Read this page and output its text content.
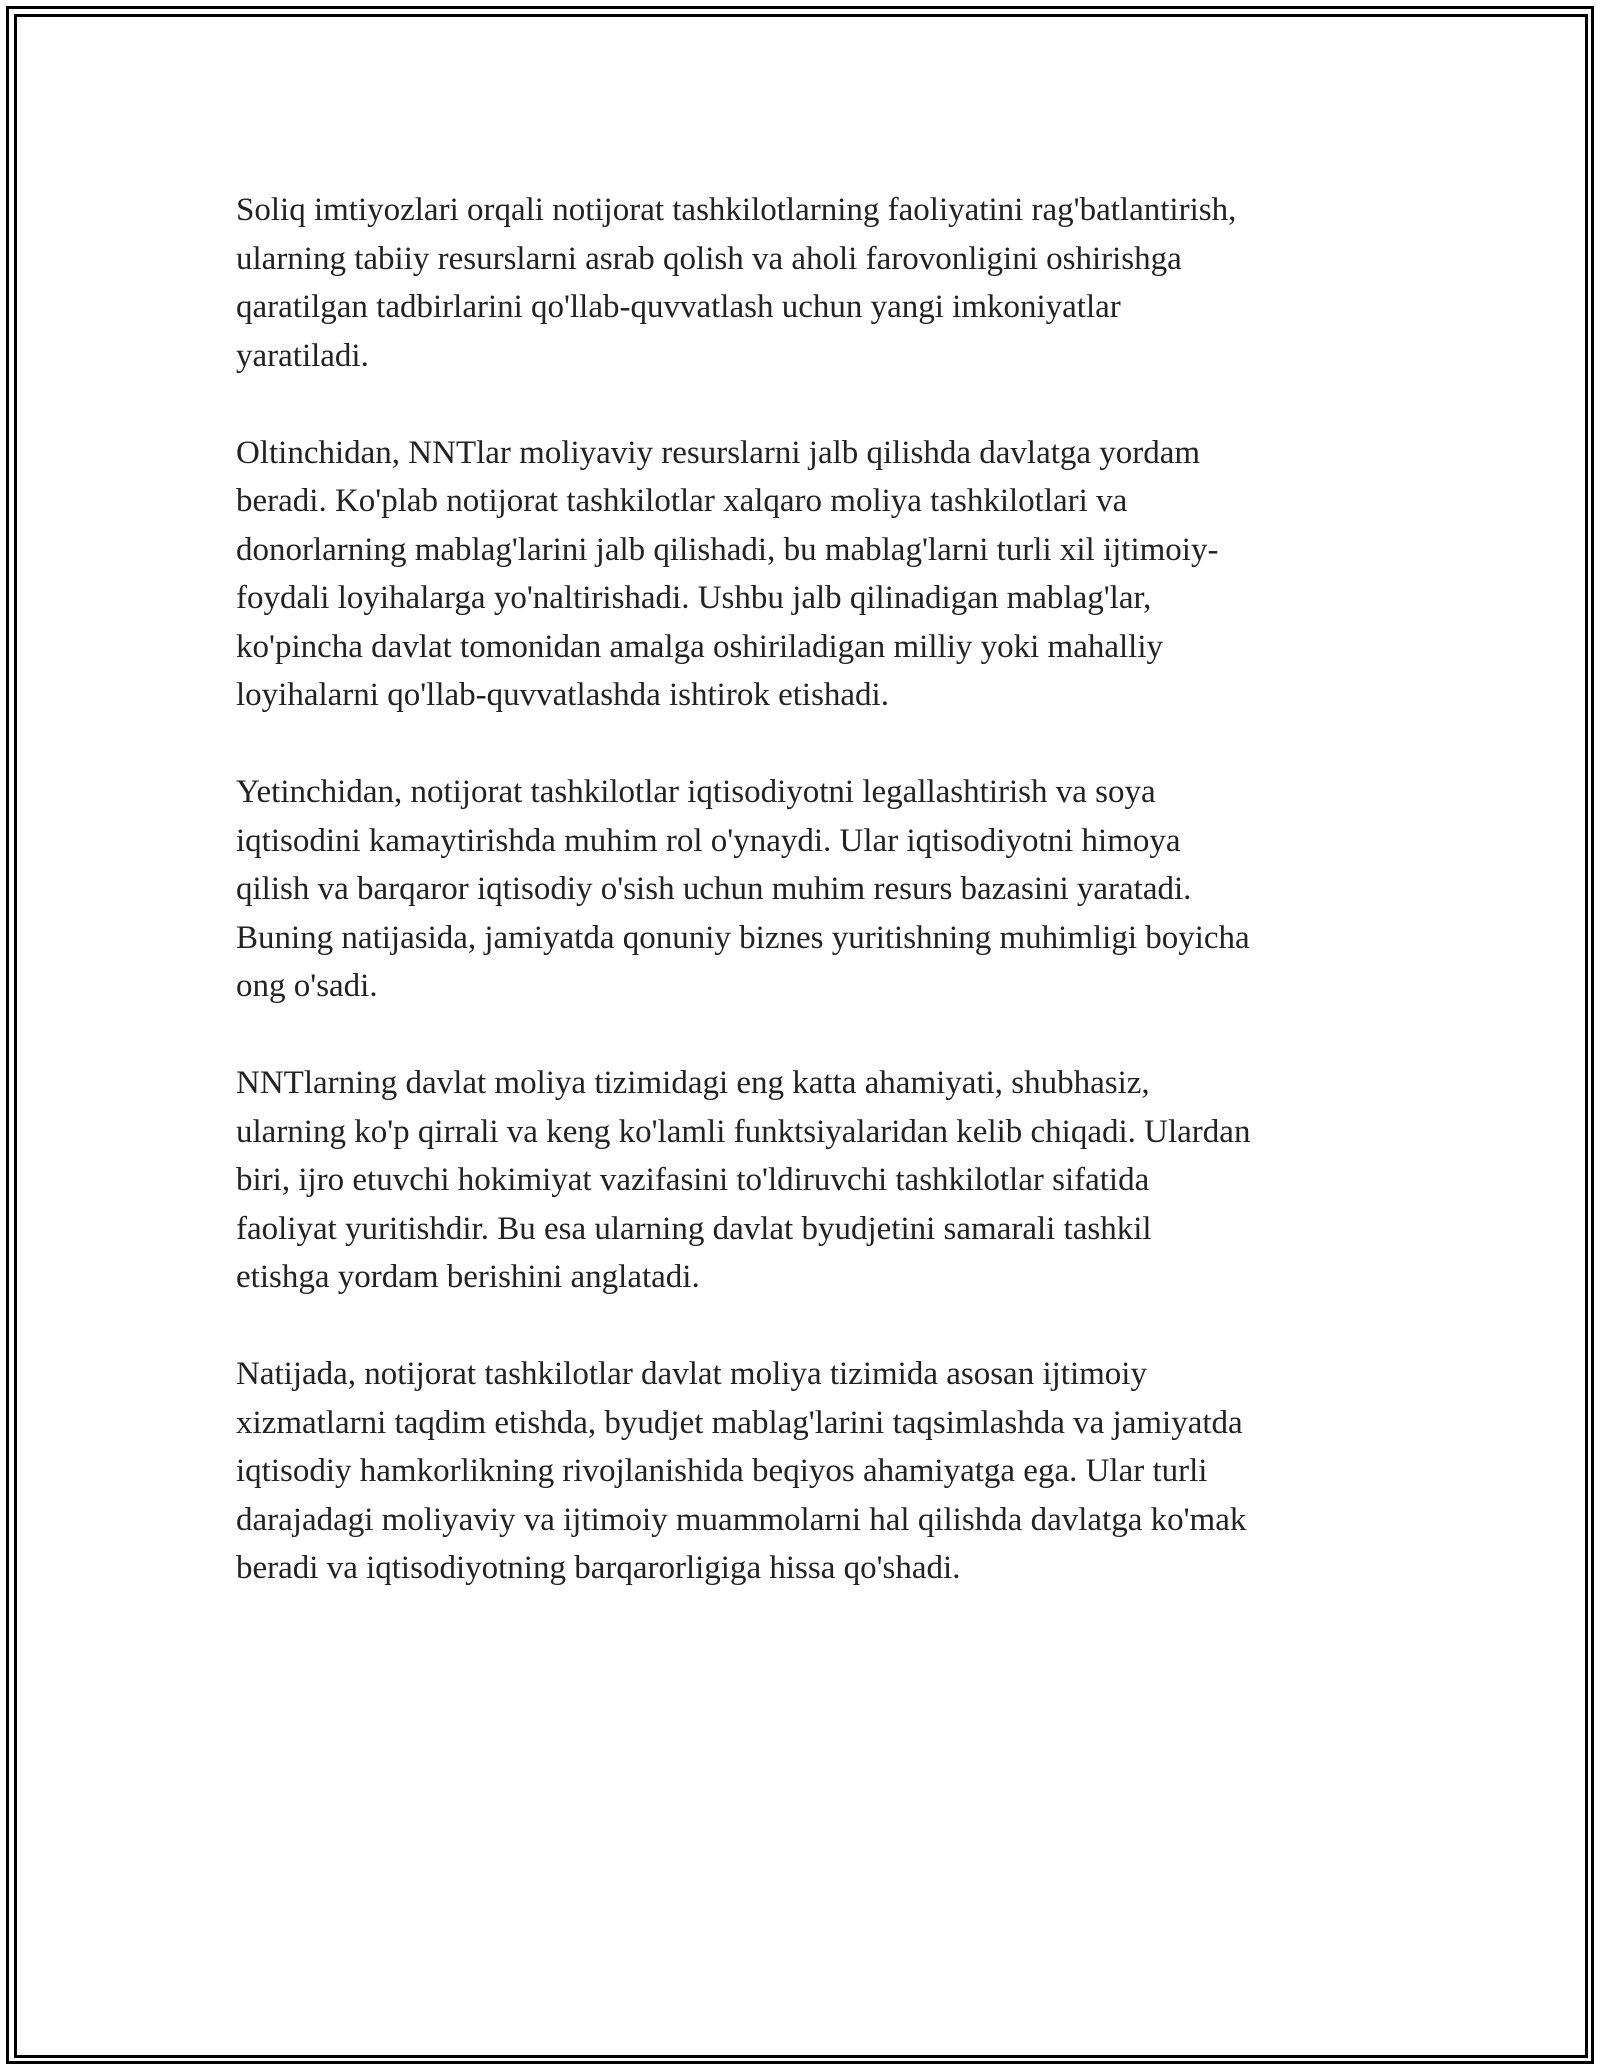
Soliq imtiyozlari orqali notijorat tashkilotlarning faoliyatini rag'batlantirish,
ularning tabiiy resurslarni asrab qolish va aholi farovonligini oshirishga
qaratilgan tadbirlarini qo'llab-quvvatlash uchun yangi imkoniyatlar
yaratiladi.

Oltinchidan, NNTlar moliyaviy resurslarni jalb qilishda davlatga yordam
beradi. Ko'plab notijorat tashkilotlar xalqaro moliya tashkilotlari va
donorlarning mablag'larini jalb qilishadi, bu mablag'larni turli xil ijtimoiy-
foydali loyihalarga yo'naltirishadi. Ushbu jalb qilinadigan mablag'lar,
ko'pincha davlat tomonidan amalga oshiriladigan milliy yoki mahalliy
loyihalarni qo'llab-quvvatlashda ishtirok etishadi.

Yetinchidan, notijorat tashkilotlar iqtisodiyotni legallashtirish va soya
iqtisodini kamaytirishda muhim rol o'ynaydi. Ular iqtisodiyotni himoya
qilish va barqaror iqtisodiy o'sish uchun muhim resurs bazasini yaratadi.
Buning natijasida, jamiyatda qonuniy biznes yuritishning muhimligi boyicha
ong o'sadi.

NNTlarning davlat moliya tizimidagi eng katta ahamiyati, shubhasiz,
ularning ko'p qirrali va keng ko'lamli funktsiyalaridan kelib chiqadi. Ulardan
biri, ijro etuvchi hokimiyat vazifasini to'ldiruvchi tashkilotlar sifatida
faoliyat yuritishdir. Bu esa ularning davlat byudjetini samarali tashkil
etishga yordam berishini anglatadi.

Natijada, notijorat tashkilotlar davlat moliya tizimida asosan ijtimoiy
xizmatlarni taqdim etishda, byudjet mablag'larini taqsimlashda va jamiyatda
iqtisodiy hamkorlikning rivojlanishida beqiyos ahamiyatga ega. Ular turli
darajadagi moliyaviy va ijtimoiy muammolarni hal qilishda davlatga ko'mak
beradi va iqtisodiyotning barqarorligiga hissa qo'shadi.
